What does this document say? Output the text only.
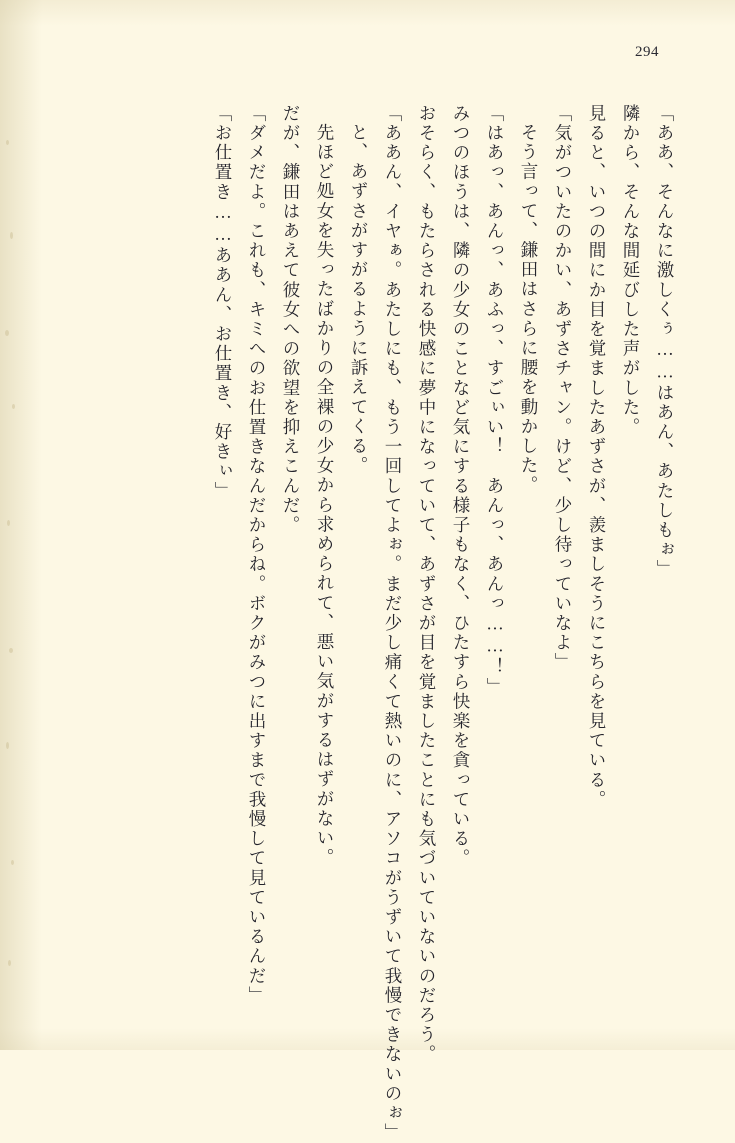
294
「ああ、そんなに激しくぅ……はあん、あたしもぉ」
隣から、そんな間延びした声がした。
見ると、いつの間にか目を覚ましたあずさが、羨ましそうにこちらを見ている。
「気がついたのかい、あずさチャン。けど、少し待っていなよ」
そう言って、鎌田はさらに腰を動かした。
「はあっ、あんっ、あふっ、すごぃい！　あんっ、あんっ……！」
みつのほうは、隣の少女のことなど気にする様子もなく、ひたすら快楽を貪っている。
おそらく、もたらされる快感に夢中になっていて、あずさが目を覚ましたことにも気づいていないのだろう。
「ああん、イヤぁ。あたしにも、もう一回してよぉ。まだ少し痛くて熱いのに、アソコがうずいて我慢できないのぉ」
と、あずさがすがるように訴えてくる。
先ほど処女を失ったばかりの全裸の少女から求められて、悪い気がするはずがない。
だが、鎌田はあえて彼女への欲望を抑えこんだ。
「ダメだよ。これも、キミへのお仕置きなんだからね。ボクがみつに出すまで我慢して見ているんだ」
「お仕置き……ああん、お仕置き、好きぃ」
